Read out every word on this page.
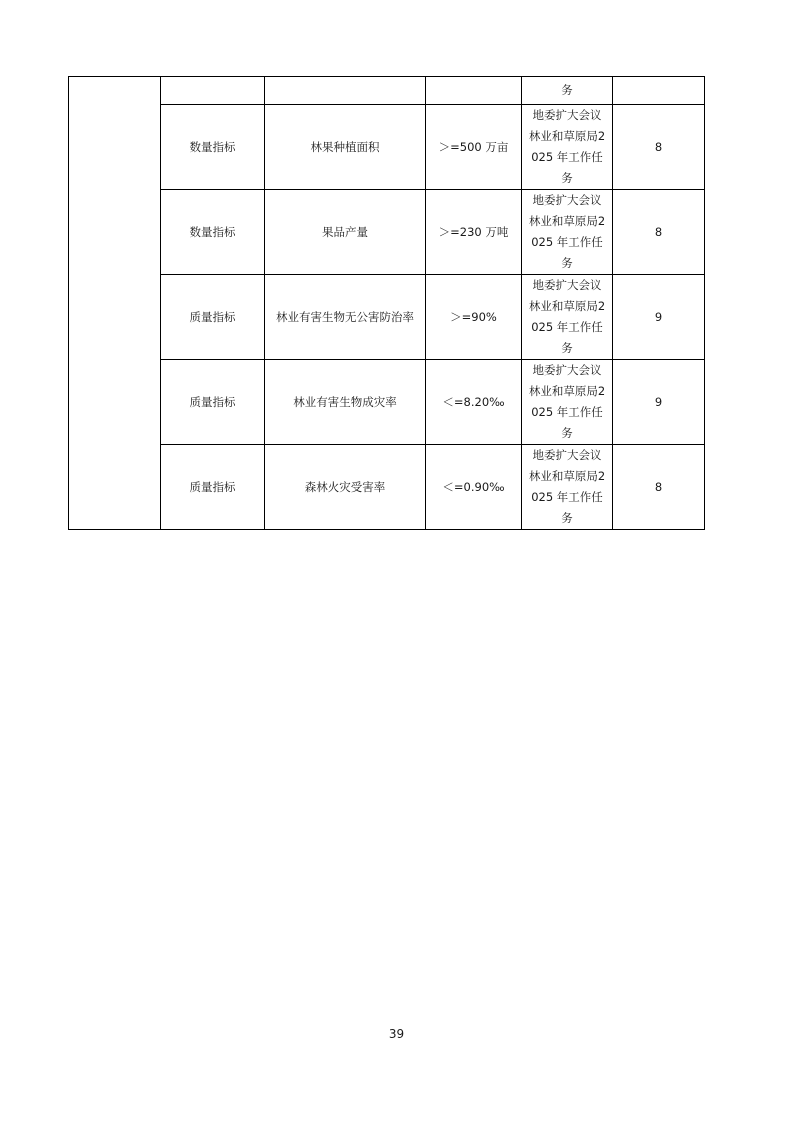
				务	

	数量指标	林果种植面积	＞=500 万亩	地委扩大会议林业和草原局2025 年工作任务	8
	数量指标	果品产量	＞=230 万吨	地委扩大会议林业和草原局2025 年工作任务	8
	质量指标	林业有害生物无公害防治率	＞=90%	地委扩大会议林业和草原局2025 年工作任务	9
	质量指标	林业有害生物成灾率	＜=8.20‰	地委扩大会议林业和草原局2025 年工作任务	9
	质量指标	森林火灾受害率	＜=0.90‰	地委扩大会议林业和草原局2025 年工作任务	8
39
